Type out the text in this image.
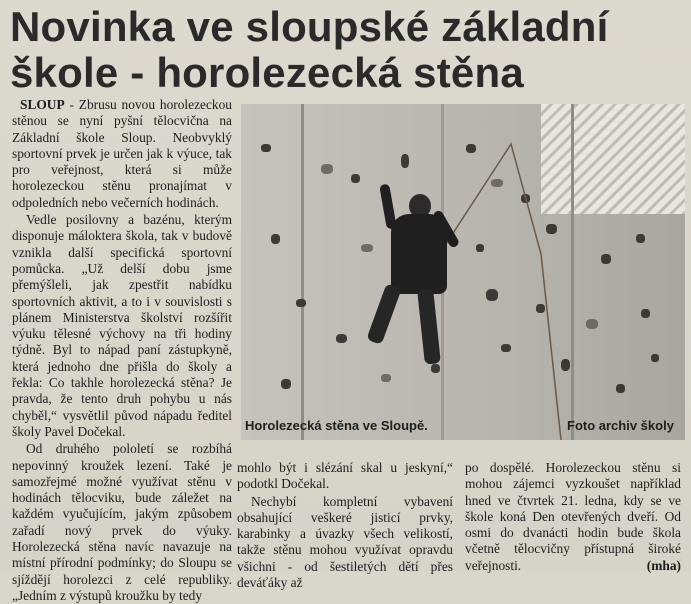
Novinka ve sloupské základní
škole - horolezecká stěna

SLOUP - Zbrusu novou horolezeckou stěnou se nyní pyšní tělocvična na Základní škole Sloup. Neobvyklý sportovní prvek je určen jak k výuce, tak pro veřejnost, která si může horolezeckou stěnu pronajímat v odpoledních nebo večerních hodinách.

Vedle posilovny a bazénu, kterým disponuje máloktera škola, tak v budově vznikla další specifická sportovní pomůcka. „Už delší dobu jsme přemýšleli, jak zpestřit nabídku sportovních aktivit, a to i v souvislosti s plánem Ministerstva školství rozšířit výuku tělesné výchovy na tři hodiny týdně. Byl to nápad paní zástupkyně, která jednoho dne přišla do školy a řekla: Co takhle horolezecká stěna? Je pravda, že tento druh pohybu u nás chyběl,“ vysvětlil původ nápadu ředitel školy Pavel Dočekal.

Od druhého pololetí se rozbíhá nepovinný kroužek lezení. Také je samozřejmé možné využívat stěnu v hodinách tělocviku, bude záležet na každém vyučujícím, jakým způsobem zařadí nový prvek do výuky. Horolezecká stěna navíc navazuje na místní přírodní podmínky; do Sloupu se sjíždějí horolezci z celé republiky. „Jedním z výstupů kroužku by tedy

Horolezecká stěna ve Sloupě.	Foto archiv školy

mohlo být i slézání skal u jeskyní,“ podotkl Dočekal.

Nechybí kompletní vybavení obsahující veškeré jisticí prvky, karabinky a úvazky všech velikostí, takže stěnu mohou využívat opravdu všichni - od šestiletých dětí přes deváťáky až

po dospělé. Horolezeckou stěnu si mohou zájemci vyzkoušet například hned ve čtvrtek 21. ledna, kdy se ve škole koná Den otevřených dveří. Od osmi do dvanácti hodin bude škola včetně tělocvičny přístupná široké veřejnosti.	(mha)
